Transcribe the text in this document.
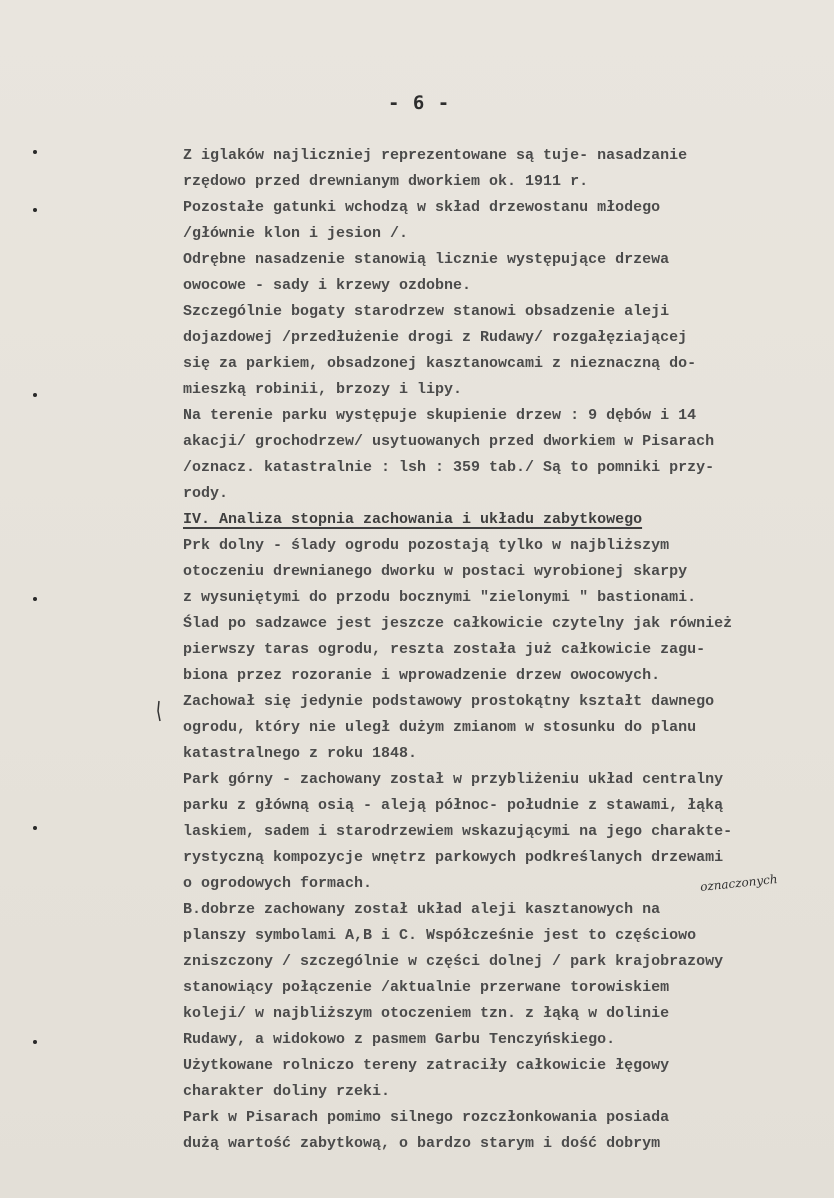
- 6 -
Z iglaków najliczniej reprezentowane są tuje- nasadzanie
rzędowo przed drewnianym dworkiem ok. 1911 r.
Pozostałe gatunki wchodzą w skład drzewostanu młodego
/głównie klon i jesion /.
Odrębne nasadzenie stanowią licznie występujące drzewa
owocowe - sady i krzewy ozdobne.
Szczególnie bogaty starodrzew stanowi obsadzenie aleji
dojazdowej /przedłużenie drogi z Rudawy/ rozgałęziającej
się za parkiem, obsadzonej kasztanowcami z nieznaczną do-
mieszką robinii, brzozy i lipy.
Na terenie parku występuje skupienie drzew : 9 dębów i 14
akacji/ grochodrzew/ usytuowanych przed dworkiem w Pisarach
/oznacz. katastralnie : lsh : 359 tab./ Są to pomniki przy-
rody.
IV. Analiza stopnia zachowania i układu zabytkowego
Prk dolny - ślady ogrodu pozostają tylko w najbliższym
otoczeniu drewnianego dworku w postaci wyrobionej skarpy
z wysuniętymi do przodu bocznymi "zielonymi " bastionami.
Ślad po sadzawce jest jeszcze całkowicie czytelny jak również
pierwszy taras ogrodu, reszta została już całkowicie zagu-
biona przez rozoranie i wprowadzenie drzew owocowych.
Zachował się jedynie podstawowy prostokątny kształt dawnego
ogrodu, który nie uległ dużym zmianom w stosunku do planu
katastralnego z roku 1848.
Park górny - zachowany został w przybliżeniu układ centralny
parku z główną osią - aleją północ- południe z stawami, łąką
laskiem, sadem i starodrzewiem wskazującymi na jego charakte-
rystyczną kompozycje wnętrz parkowych podkreślanych drzewami
o ogrodowych formach.
B.dobrze zachowany został układ aleji kasztanowych na
planszy symbolami A,B i C. Współcześnie jest to częściowo
zniszczony / szczególnie w części dolnej / park krajobrazowy
stanowiący połączenie /aktualnie przerwane torowiskiem
koleji/ w najbliższym otoczeniem tzn. z łąką w dolinie
Rudawy, a widokowo z pasmem Garbu Tenczyńskiego.
Użytkowane rolniczo tereny zatraciły całkowicie łęgowy
charakter doliny rzeki.
Park w Pisarach pomimo silnego rozczłonkowania posiada
dużą wartość zabytkową, o bardzo starym i dość dobrym
oznaczonych
